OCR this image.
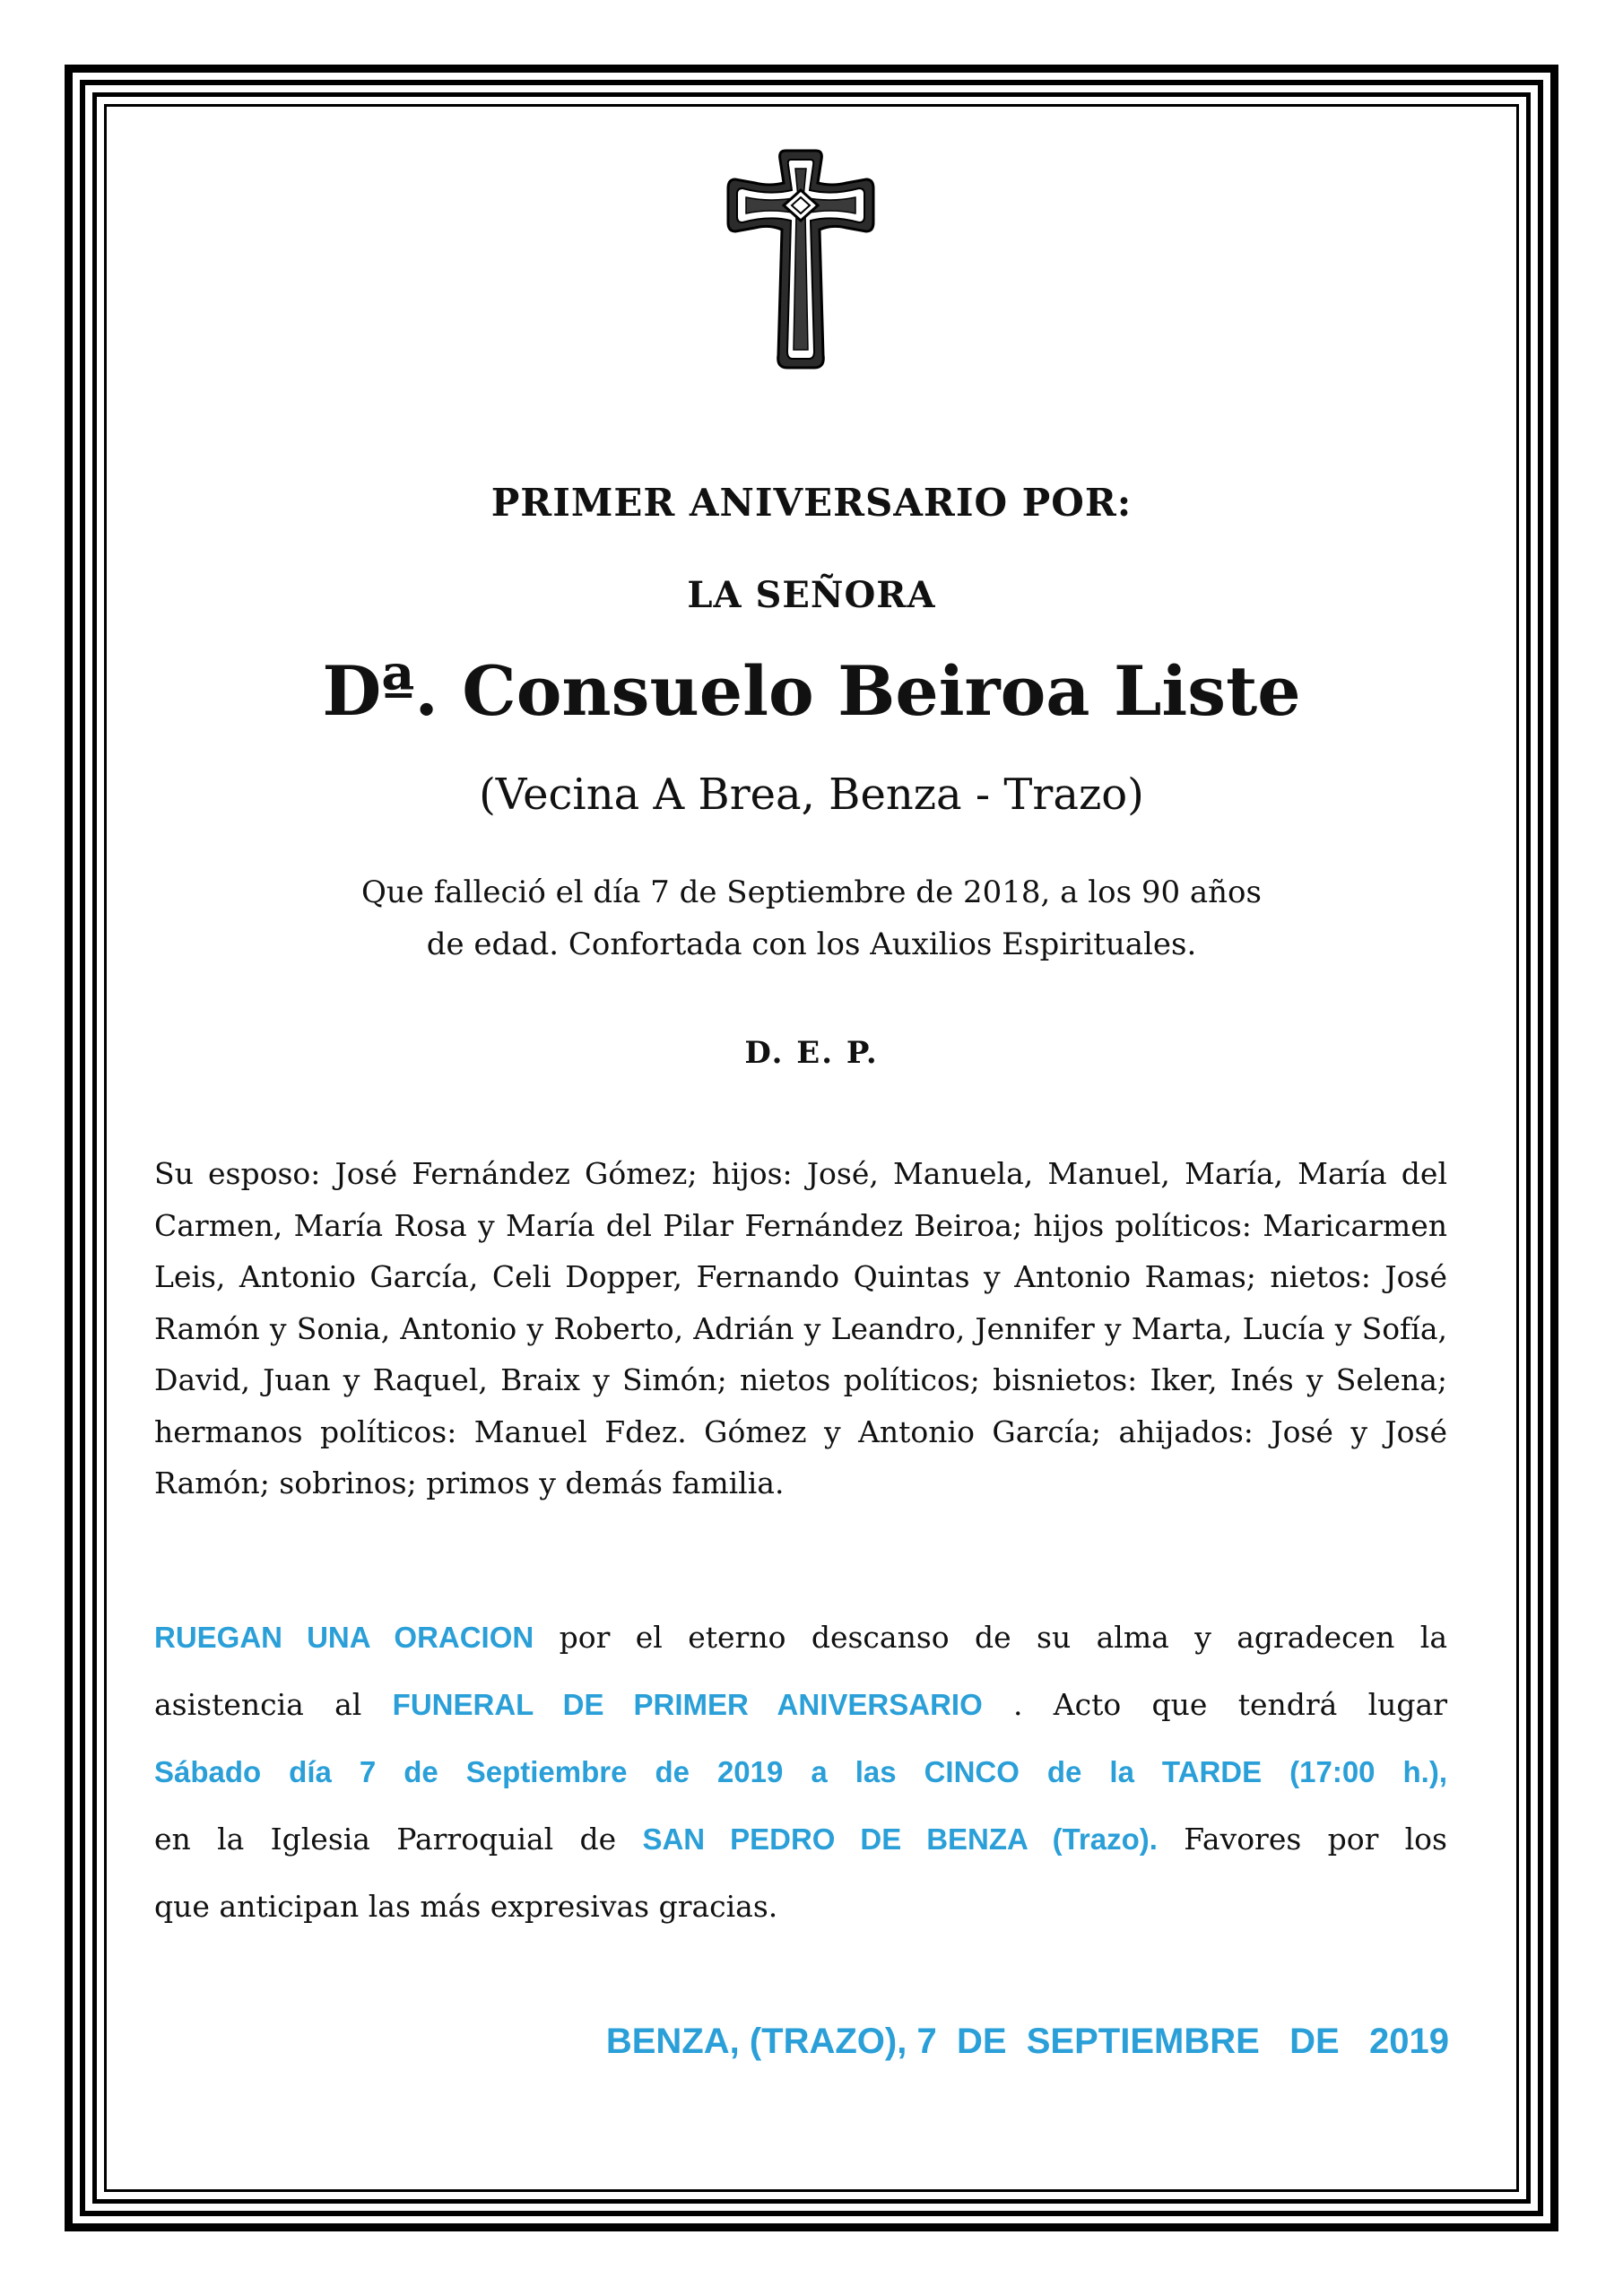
PRIMER ANIVERSARIO POR:
LA SEÑORA
Dª. Consuelo Beiroa Liste
(Vecina A Brea, Benza - Trazo)
Que falleció el día 7 de Septiembre de 2018, a los 90 años
de edad. Confortada con los Auxilios Espirituales.
D. E. P.
Su esposo: José Fernández Gómez; hijos: José, Manuela, Manuel, María, María del Carmen, María Rosa y María del Pilar Fernández Beiroa; hijos políticos: Maricarmen Leis, Antonio García, Celi Dopper, Fernando Quintas y Antonio Ramas; nietos: José Ramón y Sonia, Antonio y Roberto, Adrián y Leandro, Jennifer y Marta, Lucía y Sofía, David, Juan y Raquel, Braix y Simón; nietos políticos; bisnietos: Iker, Inés y Selena; hermanos políticos: Manuel Fdez. Gómez y Antonio García; ahijados: José y José Ramón; sobrinos; primos y demás familia.
RUEGAN UNA ORACION por el eterno descanso de su alma y agradecen la
asistencia al FUNERAL DE PRIMER ANIVERSARIO . Acto que tendrá lugar
Sábado día 7 de Septiembre de 2019 a las CINCO de la TARDE (17:00 h.),
en la Iglesia Parroquial de SAN PEDRO DE BENZA (Trazo). Favores por los
que anticipan las más expresivas gracias.
BENZA, (TRAZO), 7  DE  SEPTIEMBRE   DE   2019
